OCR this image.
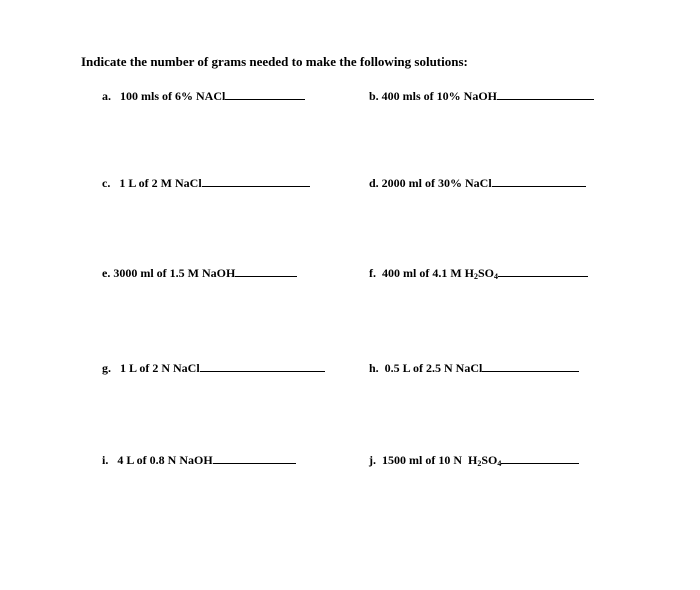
Indicate the number of grams needed to make the following solutions:
a.   100 mls of 6% NACl	b. 400 mls of 10% NaOH
c.   1 L of 2 M NaCl	d. 2000 ml of 30% NaCl
e. 3000 ml of 1.5 M NaOH	f.  400 ml of 4.1 M $H_2SO_4$
g.   1 L of 2 N NaCl	h.  0.5 L of 2.5 N NaCl
i.   4 L of 0.8 N NaOH	j.  1500 ml of 10 N  $H_2SO_4$
